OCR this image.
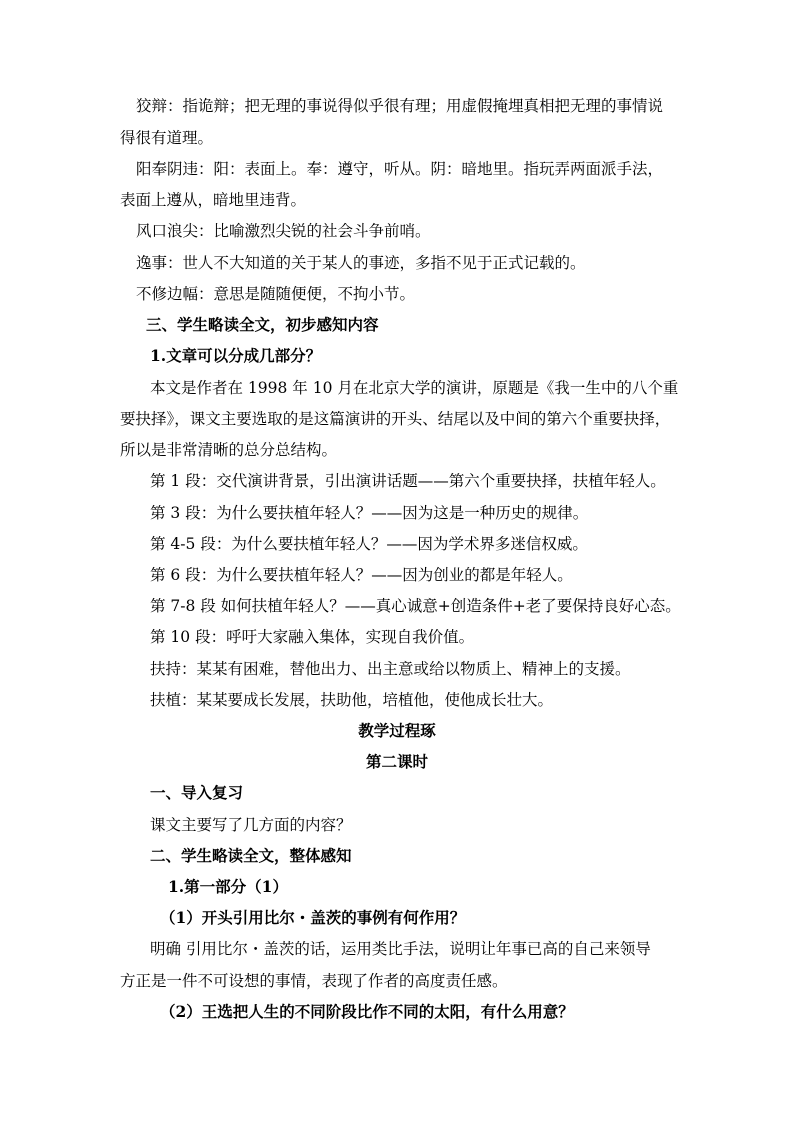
狡辩：指诡辩；把无理的事说得似乎很有理；用虚假掩埋真相把无理的事情说
得很有道理。
阳奉阴违：阳：表面上。奉：遵守，听从。阴：暗地里。指玩弄两面派手法，
表面上遵从，暗地里违背。
风口浪尖：比喻激烈尖锐的社会斗争前哨。
逸事：世人不大知道的关于某人的事迹，多指不见于正式记载的。
不修边幅：意思是随随便便，不拘小节。
三、学生略读全文，初步感知内容
1.文章可以分成几部分？
本文是作者在 1998 年 10 月在北京大学的演讲，原题是《我一生中的八个重
要抉择》，课文主要选取的是这篇演讲的开头、结尾以及中间的第六个重要抉择，
所以是非常清晰的总分总结构。
第 1 段：交代演讲背景，引出演讲话题——第六个重要抉择，扶植年轻人。
第 3 段：为什么要扶植年轻人？——因为这是一种历史的规律。
第 4-5 段：为什么要扶植年轻人？——因为学术界多迷信权威。
第 6 段：为什么要扶植年轻人？——因为创业的都是年轻人。
第 7-8 段 如何扶植年轻人？——真心诚意+创造条件+老了要保持良好心态。
第 10 段：呼吁大家融入集体，实现自我价值。
扶持：某某有困难，替他出力、出主意或给以物质上、精神上的支援。
扶植：某某要成长发展，扶助他，培植他，使他成长壮大。
教学过程琢
第二课时
一、导入复习
课文主要写了几方面的内容？
二、学生略读全文，整体感知
1.第一部分（1）
（1）开头引用比尔・盖茨的事例有何作用？
明确 引用比尔・盖茨的话，运用类比手法，说明让年事已高的自己来领导
方正是一件不可设想的事情，表现了作者的高度责任感。
（2）王选把人生的不同阶段比作不同的太阳，有什么用意？
